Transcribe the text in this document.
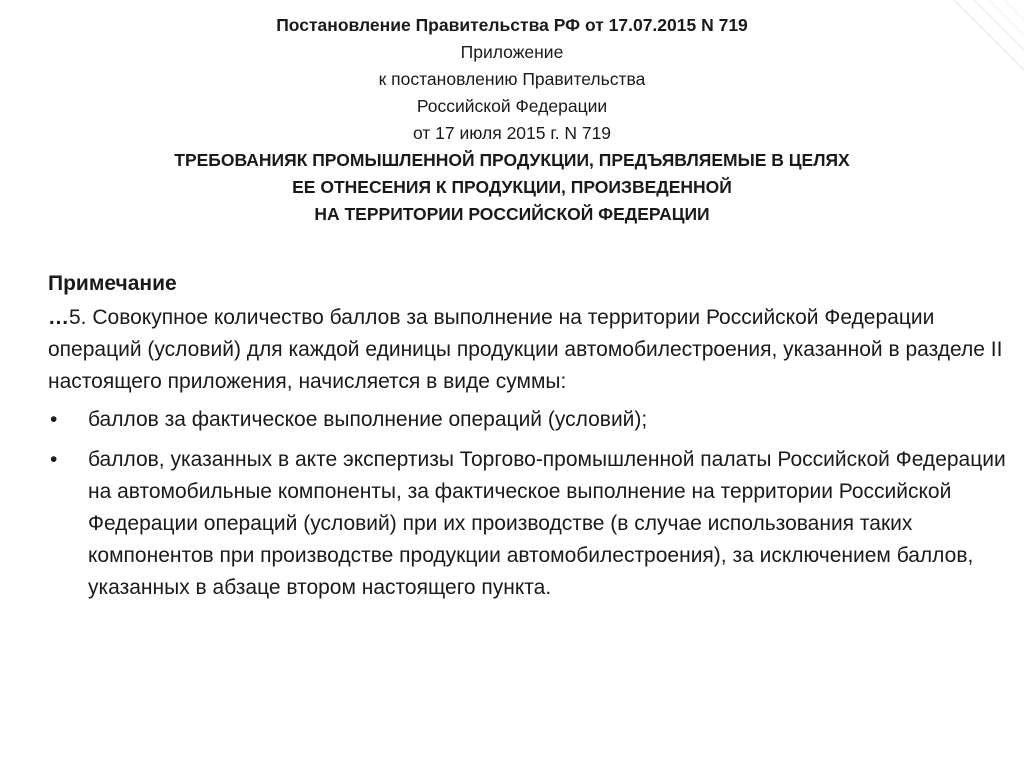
Постановление Правительства РФ от 17.07.2015 N 719
Приложение
к постановлению Правительства
Российской Федерации
от 17 июля 2015 г. N 719
ТРЕБОВАНИЯК ПРОМЫШЛЕННОЙ ПРОДУКЦИИ, ПРЕДЪЯВЛЯЕМЫЕ В ЦЕЛЯХ
ЕЕ ОТНЕСЕНИЯ К ПРОДУКЦИИ, ПРОИЗВЕДЕННОЙ
НА ТЕРРИТОРИИ РОССИЙСКОЙ ФЕДЕРАЦИИ
Примечание

…5. Совокупное количество баллов за выполнение на территории Российской Федерации операций (условий) для каждой единицы продукции автомобилестроения, указанной в разделе II настоящего приложения, начисляется в виде суммы:

• баллов за фактическое выполнение операций (условий);
• баллов, указанных в акте экспертизы Торгово-промышленной палаты Российской Федерации на автомобильные компоненты, за фактическое выполнение на территории Российской Федерации операций (условий) при их производстве (в случае использования таких компонентов при производстве продукции автомобилестроения), за исключением баллов, указанных в абзаце втором настоящего пункта.
